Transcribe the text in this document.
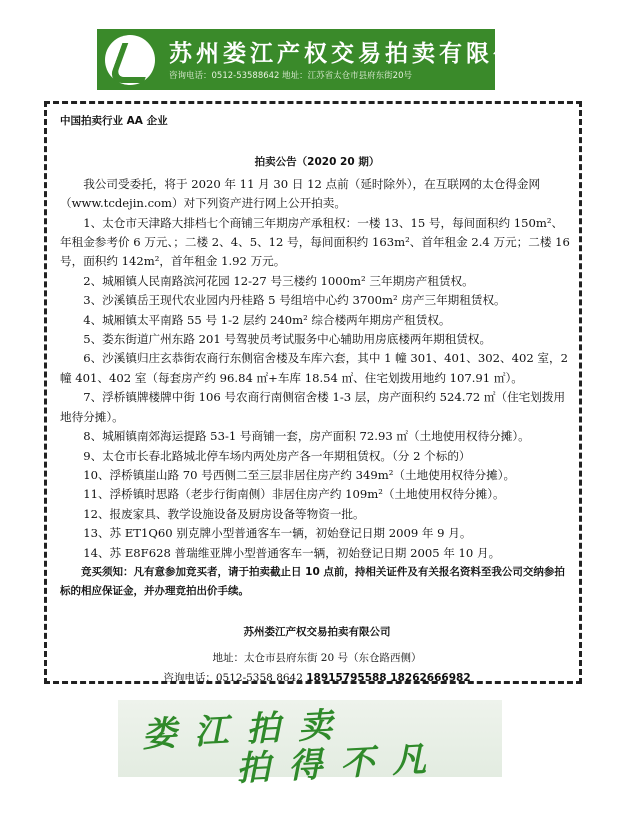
苏州娄江产权交易拍卖有限公司
咨询电话：0512-53588642 地址：江苏省太仓市县府东街20号

中国拍卖行业 AA 企业

拍卖公告（2020 20 期）

我公司受委托，将于 2020 年 11 月 30 日 12 点前（延时除外），在互联网的太仓得金网（www.tcdejin.com）对下列资产进行网上公开拍卖。

1、太仓市天津路大排档七个商铺三年期房产承租权：一楼 13、15 号，每间面积约 150m²、年租金参考价 6 万元、；二楼 2、4、5、12 号，每间面积约 163m²、首年租金 2.4 万元；二楼 16 号，面积约 142m²，首年租金 1.92 万元。

2、城厢镇人民南路滨河花园 12-27 号三楼约 1000m² 三年期房产租赁权。

3、沙溪镇岳王现代农业园内丹桂路 5 号组培中心约 3700m² 房产三年期租赁权。

4、城厢镇太平南路 55 号 1-2 层约 240m² 综合楼两年期房产租赁权。

5、娄东街道广州东路 201 号驾驶员考试服务中心辅助用房底楼两年期租赁权。

6、沙溪镇归庄玄恭街农商行东侧宿舍楼及车库六套，其中 1 幢 301、401、302、402 室，2 幢 401、402 室（每套房产约 96.84 ㎡+车库 18.54 ㎡、住宅划拨用地约 107.91 ㎡）。

7、浮桥镇牌楼牌中街 106 号农商行南侧宿舍楼 1-3 层，房产面积约 524.72 ㎡（住宅划拨用地待分摊）。

8、城厢镇南郊海运提路 53-1 号商铺一套，房产面积 72.93 ㎡（土地使用权待分摊）。

9、太仓市长春北路城北停车场内两处房产各一年期租赁权。（分 2 个标的）

10、浮桥镇崖山路 70 号西侧二至三层非居住房产约 349m²（土地使用权待分摊）。

11、浮桥镇时思路（老步行街南侧）非居住房产约 109m²（土地使用权待分摊）。

12、报废家具、教学设施设备及厨房设备等物资一批。

13、苏 ET1Q60 别克牌小型普通客车一辆，初始登记日期 2009 年 9 月。

14、苏 E8F628 普瑞维亚牌小型普通客车一辆，初始登记日期 2005 年 10 月。

竞买须知：凡有意参加竞买者，请于拍卖截止日 10 点前，持相关证件及有关报名资料至我公司交纳参拍标的相应保证金，并办理竞拍出价手续。

苏州娄江产权交易拍卖有限公司
地址：太仓市县府东街 20 号（东仓路西侧）
咨询电话：0512-5358 8642 18915795588 18262666982
娄江拍卖
拍得不凡
